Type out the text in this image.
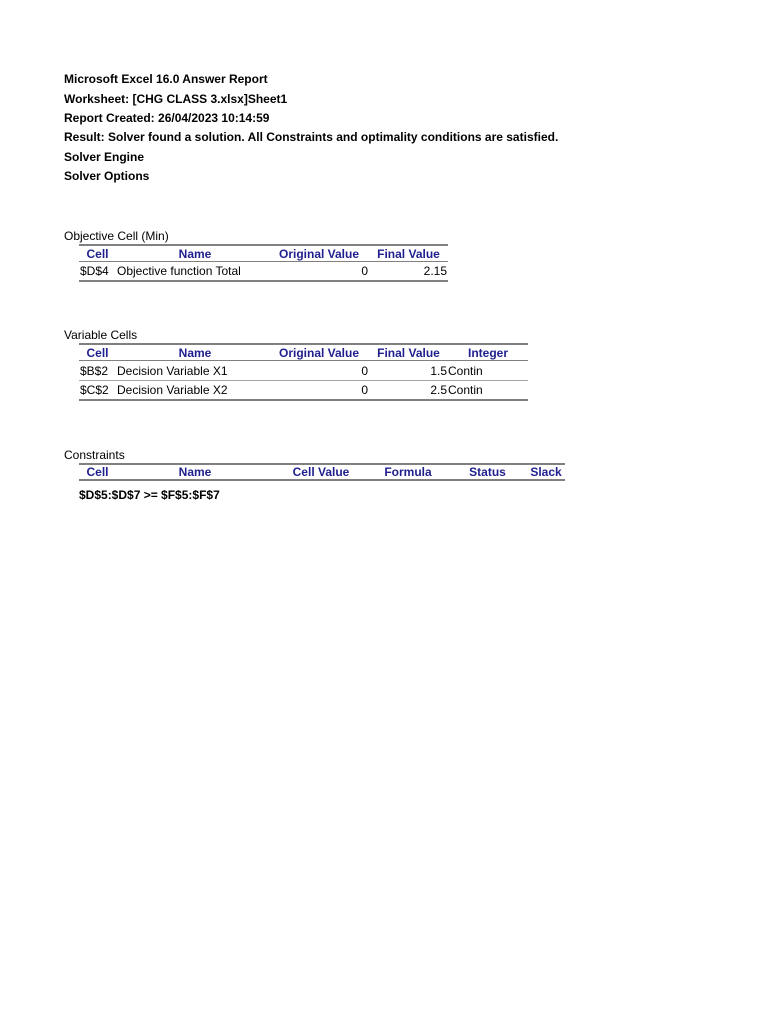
Microsoft Excel 16.0 Answer Report
Worksheet: [CHG CLASS 3.xlsx]Sheet1
Report Created: 26/04/2023 10:14:59
Result: Solver found a solution. All Constraints and optimality conditions are satisfied.
Solver Engine
Solver Options
Objective Cell (Min)
Cell	Name	Original Value	Final Value
$D$4 Objective function Total	0	2.15
Variable Cells
Cell	Name	Original Value	Final Value	Integer
$B$2 Decision Variable X1	0	1.5 Contin
$C$2 Decision Variable X2	0	2.5 Contin
Constraints
Cell	Name	Cell Value	Formula	Status	Slack
$D$5:$D$7 >= $F$5:$F$7
